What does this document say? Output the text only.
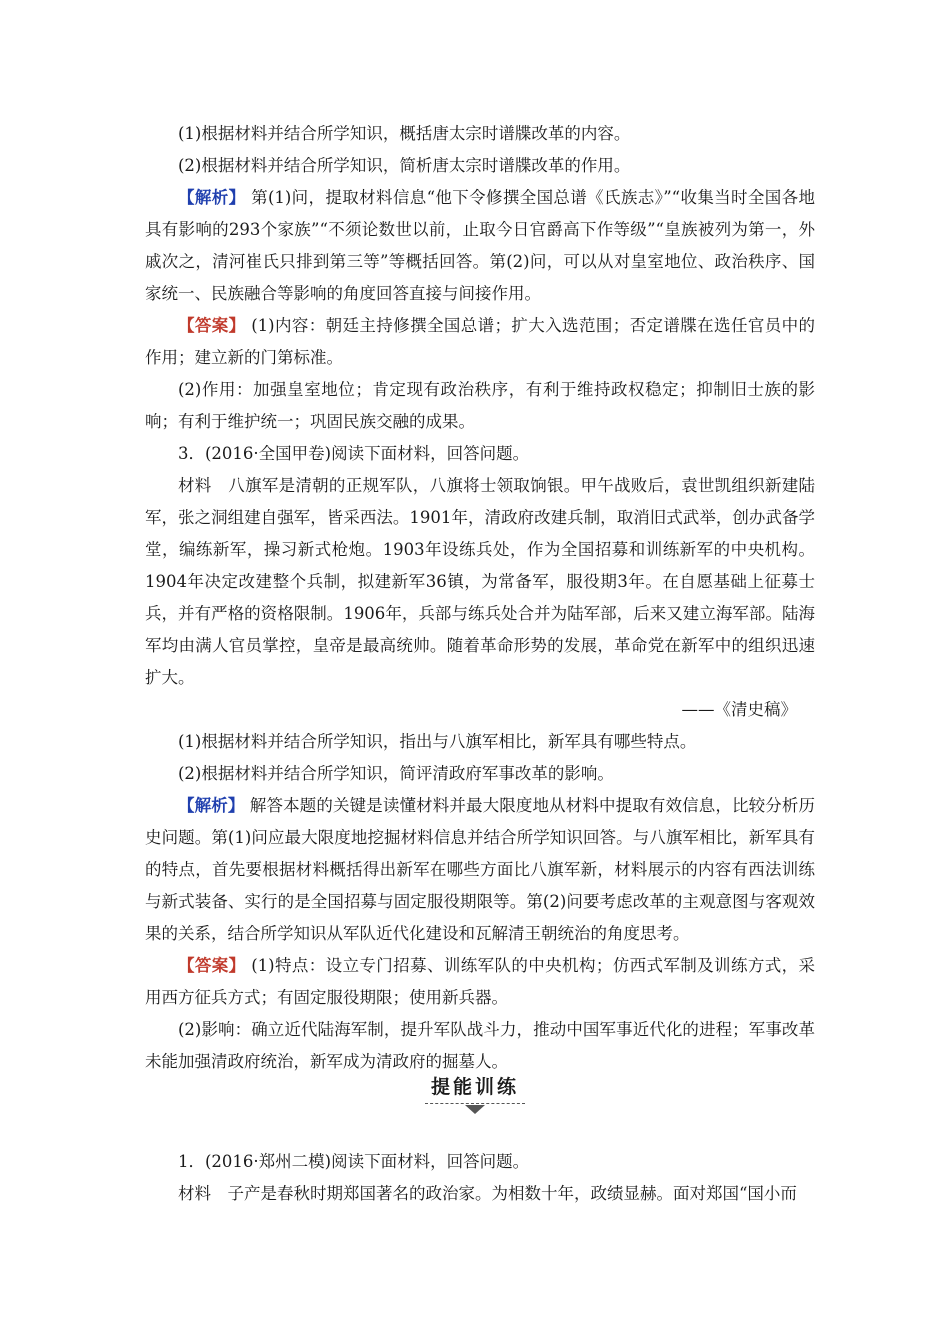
(1)根据材料并结合所学知识，概括唐太宗时谱牒改革的内容。
(2)根据材料并结合所学知识，简析唐太宗时谱牒改革的作用。
【解析】 第(1)问，提取材料信息“他下令修撰全国总谱《氏族志》”“收集当时全国各地具有影响的293个家族”“不须论数世以前，止取今日官爵高下作等级”“皇族被列为第一，外戚次之，清河崔氏只排到第三等”等概括回答。第(2)问，可以从对皇室地位、政治秩序、国家统一、民族融合等影响的角度回答直接与间接作用。
【答案】 (1)内容：朝廷主持修撰全国总谱；扩大入选范围；否定谱牒在选任官员中的作用；建立新的门第标准。
(2)作用：加强皇室地位；肯定现有政治秩序，有利于维持政权稳定；抑制旧士族的影响；有利于维护统一；巩固民族交融的成果。
3．(2016·全国甲卷)阅读下面材料，回答问题。
材料　八旗军是清朝的正规军队，八旗将士领取饷银。甲午战败后，袁世凯组织新建陆军，张之洞组建自强军，皆采西法。1901年，清政府改建兵制，取消旧式武举，创办武备学堂，编练新军，操习新式枪炮。1903年设练兵处，作为全国招募和训练新军的中央机构。1904年决定改建整个兵制，拟建新军36镇，为常备军，服役期3年。在自愿基础上征募士兵，并有严格的资格限制。1906年，兵部与练兵处合并为陆军部，后来又建立海军部。陆海军均由满人官员掌控，皇帝是最高统帅。随着革命形势的发展，革命党在新军中的组织迅速扩大。
——《清史稿》
(1)根据材料并结合所学知识，指出与八旗军相比，新军具有哪些特点。
(2)根据材料并结合所学知识，简评清政府军事改革的影响。
【解析】 解答本题的关键是读懂材料并最大限度地从材料中提取有效信息，比较分析历史问题。第(1)问应最大限度地挖掘材料信息并结合所学知识回答。与八旗军相比，新军具有的特点，首先要根据材料概括得出新军在哪些方面比八旗军新，材料展示的内容有西法训练与新式装备、实行的是全国招募与固定服役期限等。第(2)问要考虑改革的主观意图与客观效果的关系，结合所学知识从军队近代化建设和瓦解清王朝统治的角度思考。
【答案】 (1)特点：设立专门招募、训练军队的中央机构；仿西式军制及训练方式，采用西方征兵方式；有固定服役期限；使用新兵器。
(2)影响：确立近代陆海军制，提升军队战斗力，推动中国军事近代化的进程；军事改革未能加强清政府统治，新军成为清政府的掘墓人。
提能训练
1．(2016·郑州二模)阅读下面材料，回答问题。
材料　子产是春秋时期郑国著名的政治家。为相数十年，政绩显赫。面对郑国“国小而
